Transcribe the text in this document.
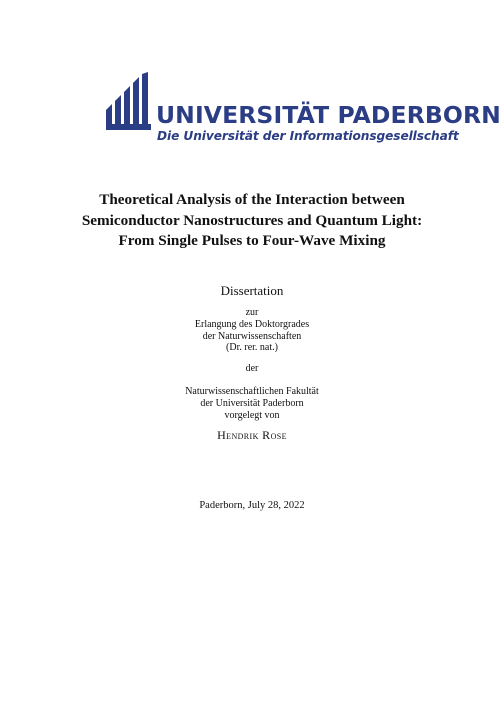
UNIVERSITÄT PADERBORN
Die Universität der Informationsgesellschaft
Theoretical Analysis of the Interaction between
Semiconductor Nanostructures and Quantum Light:
From Single Pulses to Four-Wave Mixing
Dissertation
zur
Erlangung des Doktorgrades
der Naturwissenschaften
(Dr. rer. nat.)
der
Naturwissenschaftlichen Fakultät
der Universität Paderborn
vorgelegt von
Hendrik Rose
Paderborn, July 28, 2022
